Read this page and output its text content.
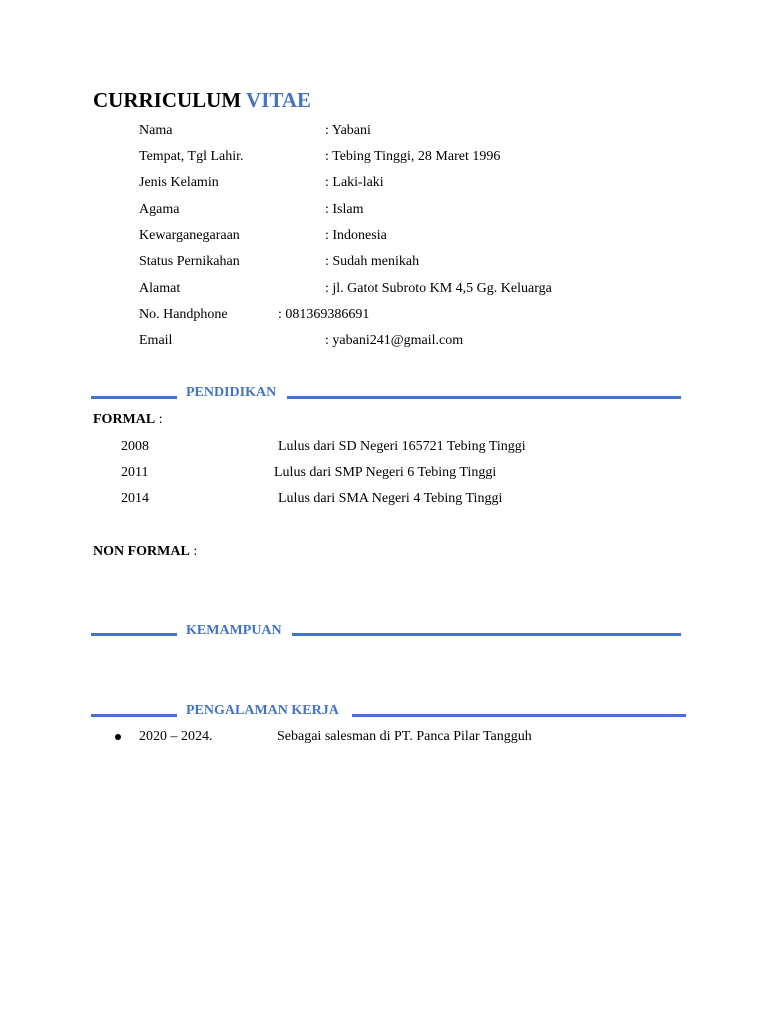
CURRICULUM VITAE
Nama	: Yabani
Tempat, Tgl Lahir.	: Tebing Tinggi, 28 Maret 1996
Jenis Kelamin	: Laki-laki
Agama	: Islam
Kewarganegaraan	: Indonesia
Status Pernikahan	: Sudah menikah
Alamat	: jl. Gatot Subroto KM 4,5 Gg. Keluarga
No. Handphone	: 081369386691
Email	: yabani241@gmail.com
PENDIDIKAN
FORMAL :
2008	Lulus dari SD Negeri 165721 Tebing Tinggi
2011	Lulus dari SMP Negeri 6 Tebing Tinggi
2014	Lulus dari SMA Negeri 4 Tebing Tinggi
NON FORMAL :
KEMAMPUAN
PENGALAMAN KERJA
2020 – 2024.	Sebagai salesman di PT. Panca Pilar Tangguh
